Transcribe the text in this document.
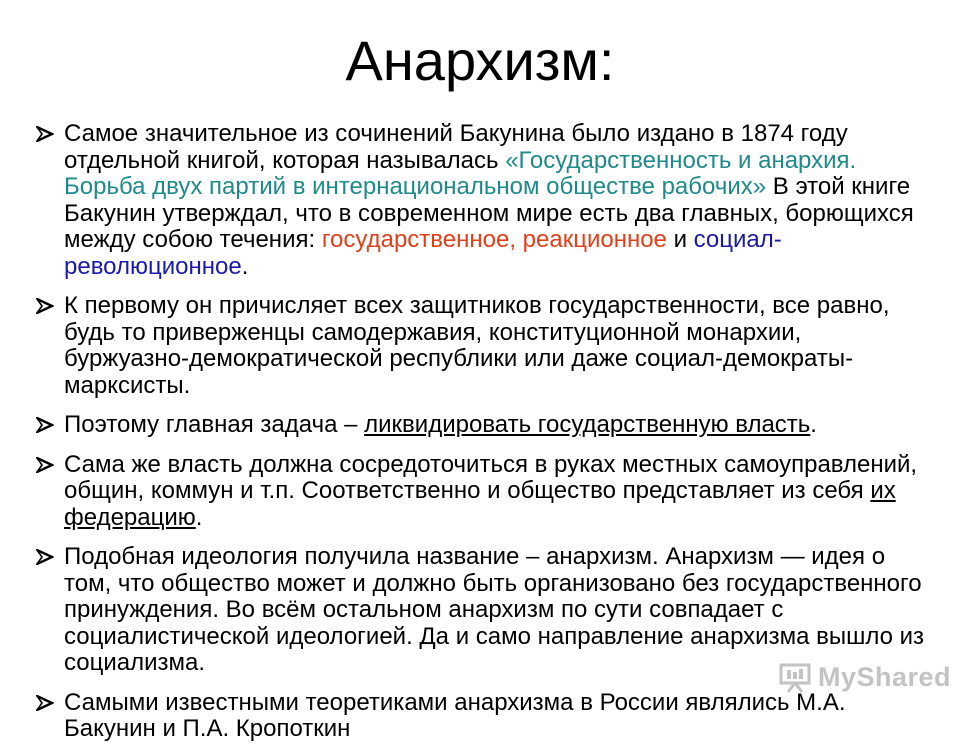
Анархизм:
Самое значительное из сочинений Бакунина было издано в 1874 году отдельной книгой, которая называлась «Государственность и анархия. Борьба двух партий в интернациональном обществе рабочих» В этой книге Бакунин утверждал, что в современном мире есть два главных, борющихся между собою течения: государственное, реакционное и социал-революционное.
К первому он причисляет всех защитников государственности, все равно, будь то приверженцы самодержавия, конституционной монархии, буржуазно-демократической республики или даже социал-демократы-марксисты.
Поэтому главная задача – ликвидировать государственную власть.
Сама же власть должна сосредоточиться в руках местных самоуправлений, общин, коммун и т.п. Соответственно и общество представляет из себя их федерацию.
Подобная идеология получила название – анархизм. Анархизм — идея о том, что общество может и должно быть организовано без государственного принуждения. Во всём остальном анархизм по сути совпадает с социалистической идеологией. Да и само направление анархизма вышло из социализма.
Самыми известными теоретиками анархизма в России являлись М.А. Бакунин и П.А. Кропоткин
MyShared
